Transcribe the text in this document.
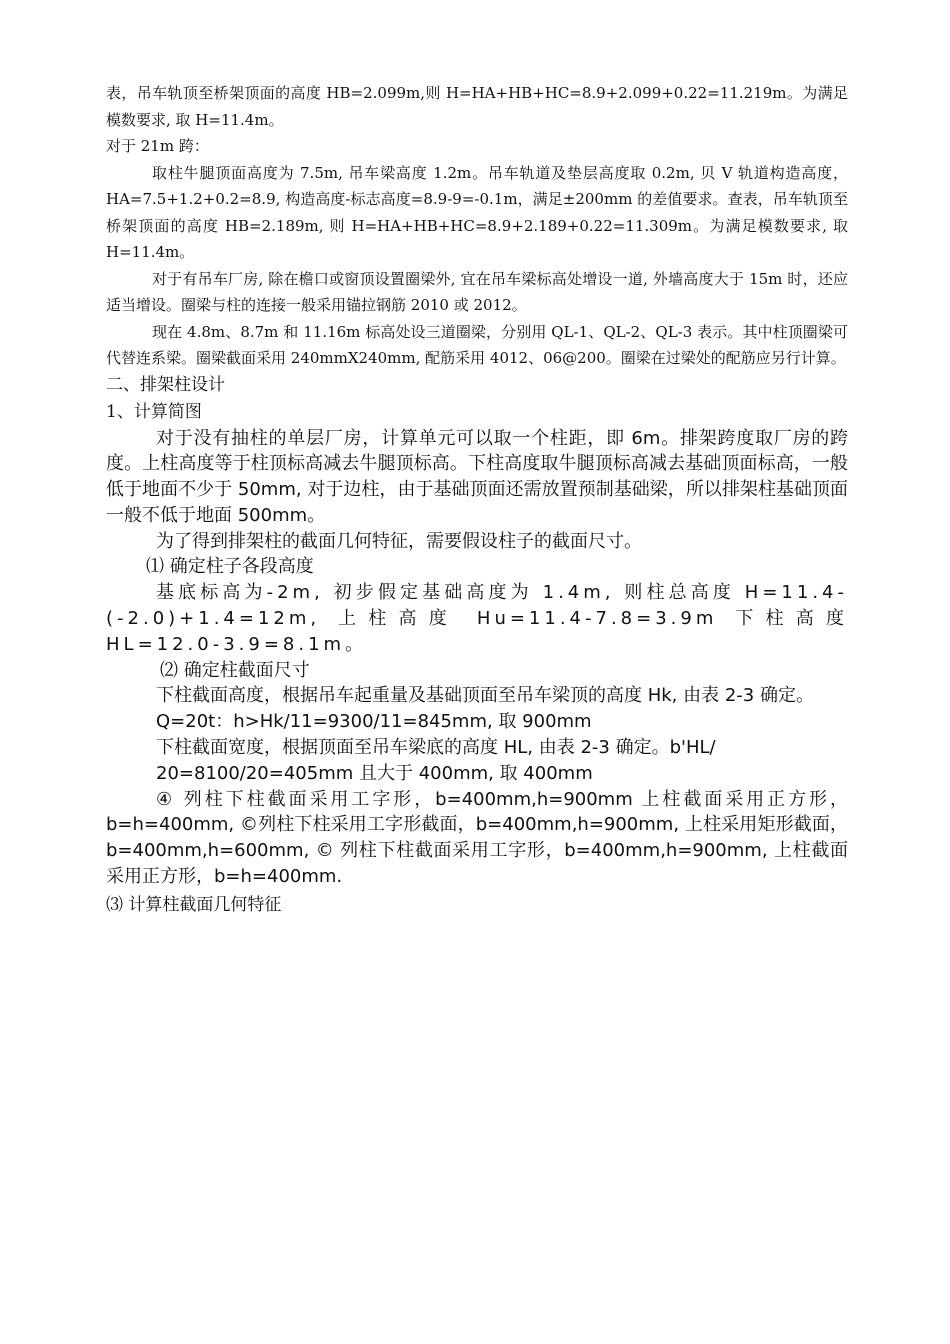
表，吊车轨顶至桥架顶面的高度 HB=2.099m,则 H=HA+HB+HC=8.9+2.099+0.22=11.219m。为满足模数要求, 取 H=11.4m。

对于 21m 跨：

取柱牛腿顶面高度为 7.5m, 吊车梁高度 1.2m。吊车轨道及垫层高度取 0.2m, 贝 V 轨道构造高度，HA=7.5+1.2+0.2=8.9, 构造高度-标志高度=8.9-9=-0.1m，满足±200mm 的差值要求。查表，吊车轨顶至桥架顶面的高度 HB=2.189m, 则 H=HA+HB+HC=8.9+2.189+0.22=11.309m。为满足模数要求, 取 H=11.4m。

对于有吊车厂房, 除在檐口或窗顶设置圈梁外, 宜在吊车梁标高处增设一道, 外墙高度大于 15m 时，还应适当增设。圈梁与柱的连接一般采用锚拉钢筋 2010 或 2012。

现在 4.8m、8.7m 和 11.16m 标高处设三道圈梁，分别用 QL-1、QL-2、QL-3 表示。其中柱顶圈梁可代替连系梁。圈梁截面采用 240mmX240mm, 配筋采用 4012、06@200。圈梁在过梁处的配筋应另行计算。

二、排架柱设计

1、计算简图

对于没有抽柱的单层厂房，计算单元可以取一个柱距，即 6m。排架跨度取厂房的跨度。上柱高度等于柱顶标高减去牛腿顶标高。下柱高度取牛腿顶标高减去基础顶面标高，一般低于地面不少于 50mm, 对于边柱，由于基础顶面还需放置预制基础梁，所以排架柱基础顶面一般不低于地面 500mm。

为了得到排架柱的截面几何特征，需要假设柱子的截面尺寸。

⑴ 确定柱子各段高度

基底标高为-2m, 初步假定基础高度为 1.4m, 则柱总高度 H=11.4-(-2.0)+1.4=12m, 上柱高度 Hu=11.4-7.8=3.9m 下柱高度 HL=12.0-3.9=8.1m。

⑵ 确定柱截面尺寸

下柱截面高度，根据吊车起重量及基础顶面至吊车梁顶的高度 Hk, 由表 2-3 确定。

Q=20t：h>Hk/11=9300/11=845mm, 取 900mm

下柱截面宽度，根据顶面至吊车梁底的高度 HL, 由表 2-3 确定。b'HL/

20=8100/20=405mm 且大于 400mm, 取 400mm

④ 列柱下柱截面采用工字形，b=400mm,h=900mm 上柱截面采用正方形，b=h=400mm, ©列柱下柱采用工字形截面，b=400mm,h=900mm, 上柱采用矩形截面，b=400mm,h=600mm, © 列柱下柱截面采用工字形，b=400mm,h=900mm, 上柱截面采用正方形，b=h=400mm.

⑶ 计算柱截面几何特征
